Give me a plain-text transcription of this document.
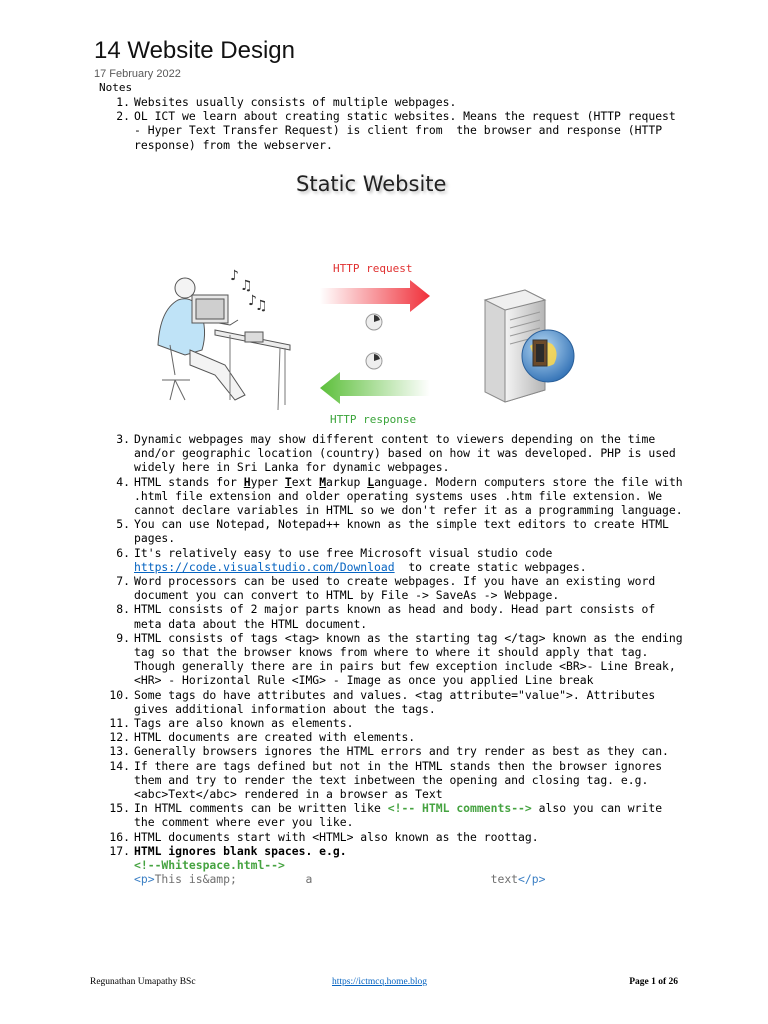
14 Website Design
17 February 2022
Notes
1. Websites usually consists of multiple webpages.
2. OL ICT we learn about creating static websites. Means the request (HTTP request - Hyper Text Transfer Request) is client from  the browser and response (HTTP response) from the webserver.
Static Website
HTTP request
HTTP response
♪
♫
♪
♫
3. Dynamic webpages may show different content to viewers depending on the time and/or geographic location (country) based on how it was developed. PHP is used widely here in Sri Lanka for dynamic webpages.
4. HTML stands for Hyper Text Markup Language. Modern computers store the file with .html file extension and older operating systems uses .htm file extension. We cannot declare variables in HTML so we don't refer it as a programming language.
5. You can use Notepad, Notepad++ known as the simple text editors to create HTML pages.
6. It's relatively easy to use free Microsoft visual studio code https://code.visualstudio.com/Download  to create static webpages.
7. Word processors can be used to create webpages. If you have an existing word document you can convert to HTML by File -> SaveAs -> Webpage.
8. HTML consists of 2 major parts known as head and body. Head part consists of meta data about the HTML document.
9. HTML consists of tags <tag> known as the starting tag </tag> known as the ending tag so that the browser knows from where to where it should apply that tag. Though generally there are in pairs but few exception include <BR>- Line Break, <HR> - Horizontal Rule <IMG> - Image as once you applied Line break
10. Some tags do have attributes and values. <tag attribute="value">. Attributes gives additional information about the tags.
11. Tags are also known as elements.
12. HTML documents are created with elements.
13. Generally browsers ignores the HTML errors and try render as best as they can.
14. If there are tags defined but not in the HTML stands then the browser ignores them and try to render the text inbetween the opening and closing tag. e.g. <abc>Text</abc> rendered in a browser as Text
15. In HTML comments can be written like <!-- HTML comments--> also you can write the comment where ever you like.
16. HTML documents start with <HTML> also known as the roottag.
17. HTML ignores blank spaces. e.g.
<!--Whitespace.html-->
<p>This is&amp;          a                          text</p>
Regunathan Umapathy BSc	https://ictmcq.home.blog	Page 1 of 26
